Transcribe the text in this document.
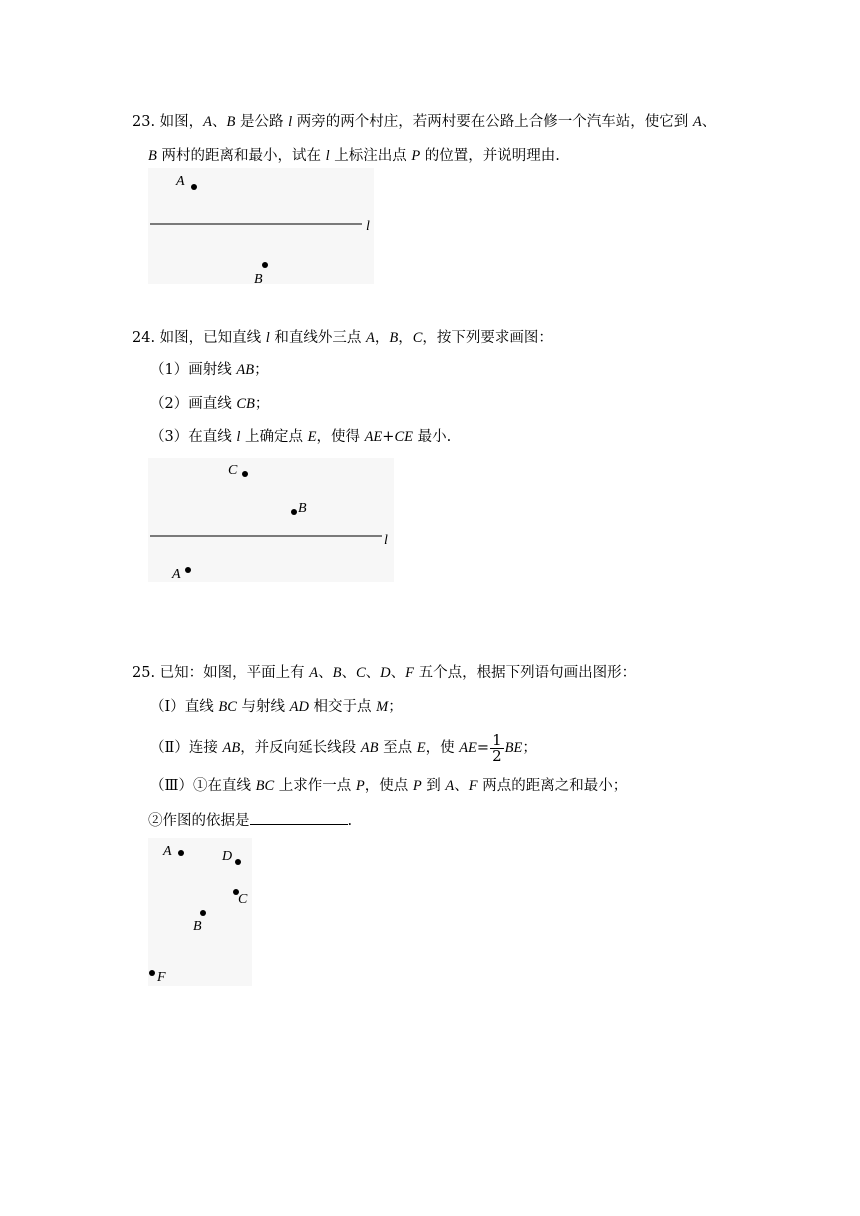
23. 如图，A、B 是公路 l 两旁的两个村庄，若两村要在公路上合修一个汽车站，使它到 A、
B 两村的距离和最小，试在 l 上标注出点 P 的位置，并说明理由.
A
l
B
24. 如图，已知直线 l 和直线外三点 A，B，C，按下列要求画图：
（1）画射线 AB；
（2）画直线 CB；
（3）在直线 l 上确定点 E，使得 AE+CE 最小.
C
B
l
A
25. 已知：如图，平面上有 A、B、C、D、F 五个点，根据下列语句画出图形：
（Ⅰ）直线 BC 与射线 AD 相交于点 M；
（Ⅱ）连接 AB，并反向延长线段 AB 至点 E，使 $AE= \frac{1}{2}$ BE；
（Ⅲ）①在直线 BC 上求作一点 P，使点 P 到 A、F 两点的距离之和最小；
②作图的依据是	.
A	D
C
B
F
